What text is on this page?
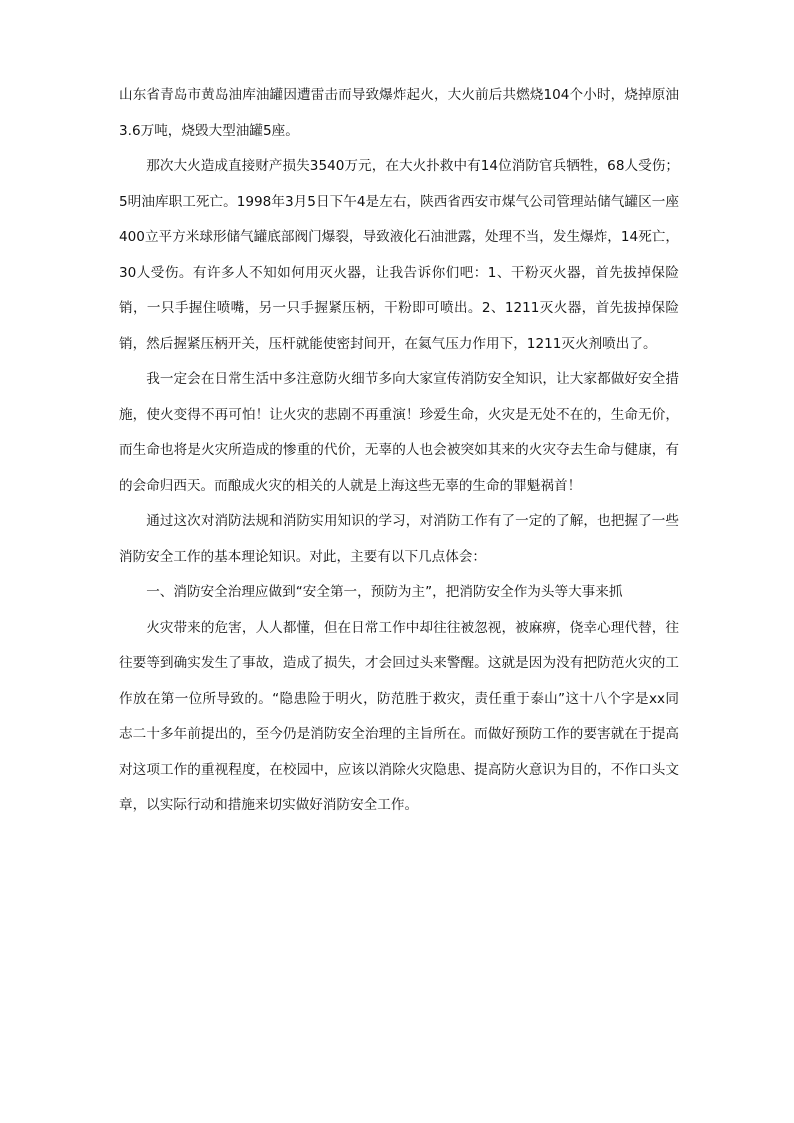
山东省青岛市黄岛油库油罐因遭雷击而导致爆炸起火，大火前后共燃烧104个小时，烧掉原油3.6万吨，烧毁大型油罐5座。

那次大火造成直接财产损失3540万元，在大火扑救中有14位消防官兵牺牲，68人受伤；5明油库职工死亡。1998年3月5日下午4是左右，陕西省西安市煤气公司管理站储气罐区一座400立平方米球形储气罐底部阀门爆裂，导致液化石油泄露，处理不当，发生爆炸，14死亡，30人受伤。有许多人不知如何用灭火器，让我告诉你们吧：1、干粉灭火器，首先拔掉保险销，一只手握住喷嘴，另一只手握紧压柄，干粉即可喷出。2、1211灭火器，首先拔掉保险销，然后握紧压柄开关，压杆就能使密封间开，在氦气压力作用下，1211灭火剂喷出了。

我一定会在日常生活中多注意防火细节多向大家宣传消防安全知识，让大家都做好安全措施，使火变得不再可怕！让火灾的悲剧不再重演！珍爱生命，火灾是无处不在的，生命无价，而生命也将是火灾所造成的惨重的代价，无辜的人也会被突如其来的火灾夺去生命与健康，有的会命归西天。而酿成火灾的相关的人就是上海这些无辜的生命的罪魁祸首！

通过这次对消防法规和消防实用知识的学习，对消防工作有了一定的了解，也把握了一些消防安全工作的基本理论知识。对此，主要有以下几点体会：

一、消防安全治理应做到“安全第一，预防为主”，把消防安全作为头等大事来抓

火灾带来的危害，人人都懂，但在日常工作中却往往被忽视，被麻痹，侥幸心理代替，往往要等到确实发生了事故，造成了损失，才会回过头来警醒。这就是因为没有把防范火灾的工作放在第一位所导致的。“隐患险于明火，防范胜于救灾，责任重于泰山”这十八个字是xx同志二十多年前提出的，至今仍是消防安全治理的主旨所在。而做好预防工作的要害就在于提高对这项工作的重视程度，在校园中，应该以消除火灾隐患、提高防火意识为目的，不作口头文章，以实际行动和措施来切实做好消防安全工作。
